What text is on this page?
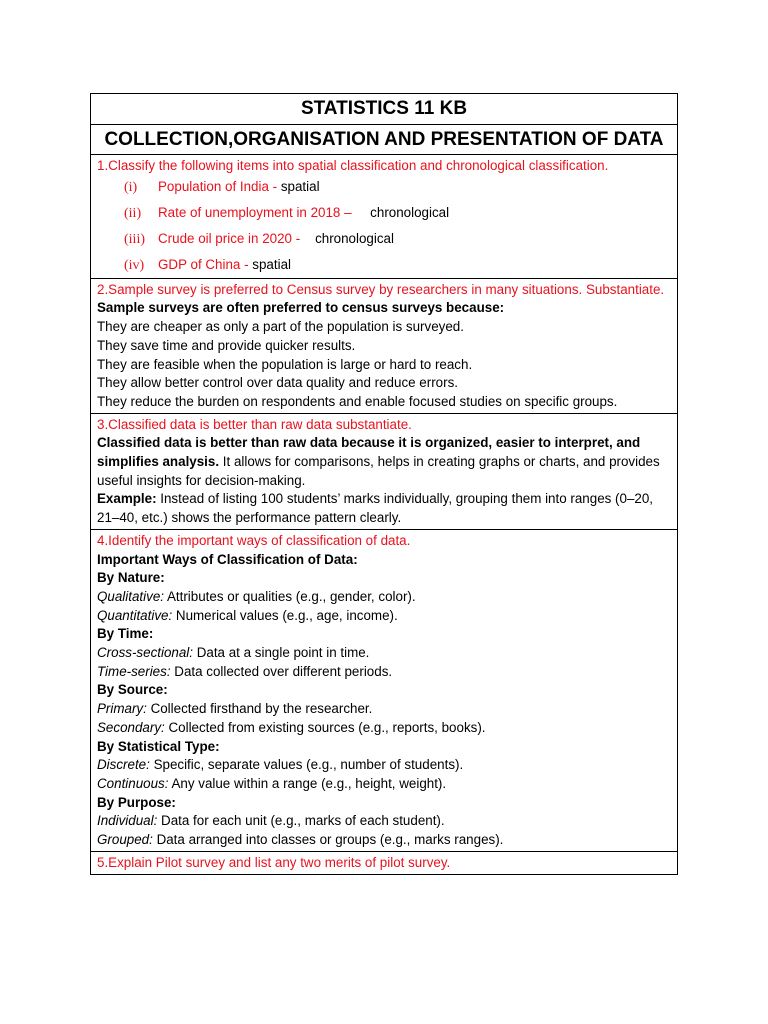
STATISTICS 11 KB
COLLECTION,ORGANISATION AND PRESENTATION OF DATA
1.Classify the following items into spatial classification and chronological classification.
(i)	Population of India - spatial
(ii)	Rate of unemployment in 2018 – chronological
(iii) Crude oil price in 2020 - chronological
(iv)	GDP of China - spatial
2.Sample survey is preferred to Census survey by researchers in many situations. Substantiate.
Sample surveys are often preferred to census surveys because:
They are cheaper as only a part of the population is surveyed.
They save time and provide quicker results.
They are feasible when the population is large or hard to reach.
They allow better control over data quality and reduce errors.
They reduce the burden on respondents and enable focused studies on specific groups.
3.Classified data is better than raw data substantiate.
Classified data is better than raw data because it is organized, easier to interpret, and simplifies analysis. It allows for comparisons, helps in creating graphs or charts, and provides useful insights for decision-making.
Example: Instead of listing 100 students’ marks individually, grouping them into ranges (0–20, 21–40, etc.) shows the performance pattern clearly.
4.Identify the important ways of classification of data.
Important Ways of Classification of Data:
By Nature:
Qualitative: Attributes or qualities (e.g., gender, color).
Quantitative: Numerical values (e.g., age, income).
By Time:
Cross-sectional: Data at a single point in time.
Time-series: Data collected over different periods.
By Source:
Primary: Collected firsthand by the researcher.
Secondary: Collected from existing sources (e.g., reports, books).
By Statistical Type:
Discrete: Specific, separate values (e.g., number of students).
Continuous: Any value within a range (e.g., height, weight).
By Purpose:
Individual: Data for each unit (e.g., marks of each student).
Grouped: Data arranged into classes or groups (e.g., marks ranges).
5.Explain Pilot survey and list any two merits of pilot survey.
